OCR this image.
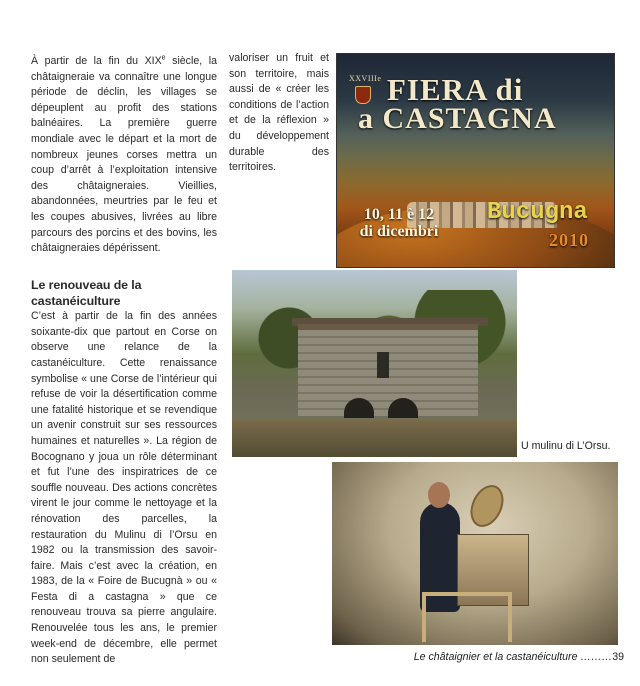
À partir de la fin du XIXe siècle, la châtaigneraie va connaître une longue période de déclin, les villages se dépeuplent au profit des stations balnéaires. La première guerre mondiale avec le départ et la mort de nombreux jeunes corses mettra un coup d’arrêt à l’exploitation intensive des châtaigneraies. Vieillies, abandonnées, meurtries par le feu et les coupes abusives, livrées au libre parcours des porcins et des bovins, les châtaigneraies dépérissent.

Le renouveau de la castanéiculture

C’est à partir de la fin des années soixante-dix que partout en Corse on observe une relance de la castanéiculture. Cette renaissance symbolise « une Corse de l’intérieur qui refuse de voir la désertification comme une fatalité historique et se revendique un avenir construit sur ses ressources humaines et naturelles ». La région de Bocognano y joua un rôle déterminant et fut l’une des inspiratrices de ce souffle nouveau. Des actions concrètes virent le jour comme le nettoyage et la rénovation des parcelles, la restauration du Mulinu di l’Orsu en 1982 ou la transmission des savoir-faire. Mais c’est avec la création, en 1983, de la « Foire de Bucugnà » ou « Festa di a castagna » que ce renouveau trouva sa pierre angulaire. Renouvelée tous les ans, le premier week-end de décembre, elle permet non seulement de

valoriser un fruit et son territoire, mais aussi de « créer les conditions de l’action et de la réflexion » du développement durable des territoires.

XXVIIIe FIERA di
a CASTAGNA
10, 11 è 12
di dicembri
Bucugna
2010
U mulinu di L’Orsu.
Le châtaignier et la castanéiculture ………39
